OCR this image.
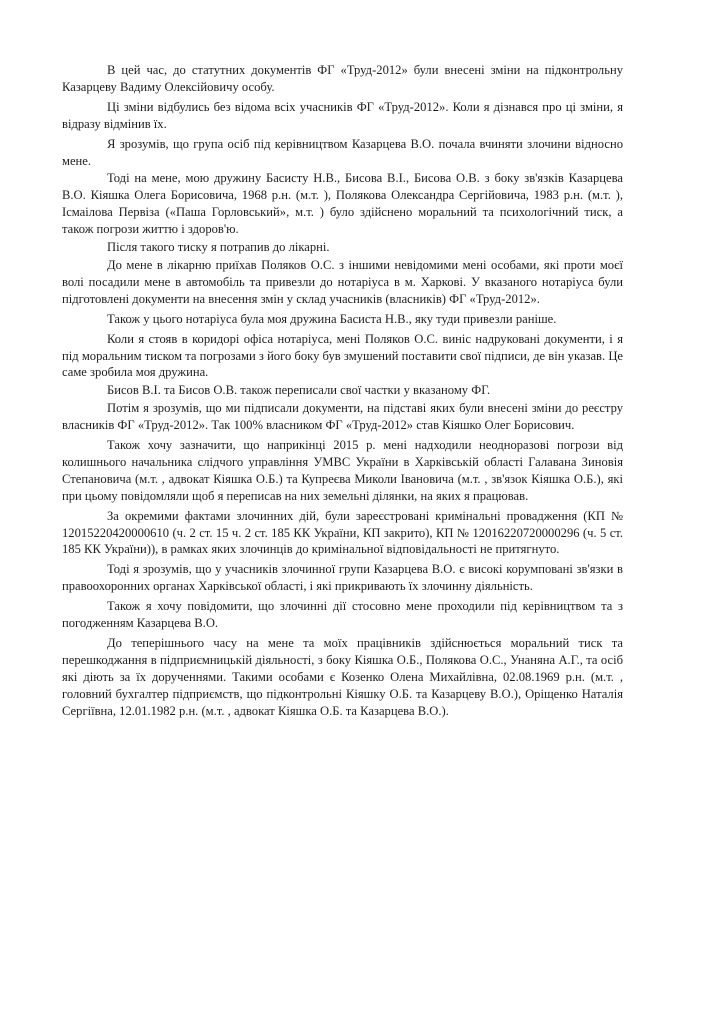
В цей час, до статутних документів ФГ «Труд-2012» були внесені зміни на підконтрольну Казарцеву Вадиму Олексійовичу особу.

Ці зміни відбулись без відома всіх учасників ФГ «Труд-2012». Коли я дізнався про ці зміни, я відразу відмінив їх.

Я зрозумів, що група осіб під керівництвом Казарцева В.О. почала вчиняти злочини відносно мене.

Тоді на мене, мою дружину Басисту Н.В., Бисова В.І., Бисова О.В. з боку зв'язків Казарцева В.О. Кіяшка Олега Борисовича, 1968 р.н. (м.т. ), Полякова Олександра Сергійовича, 1983 р.н. (м.т. ), Ісмаілова Первіза («Паша Горловський», м.т. ) було здійснено моральний та психологічний тиск, а також погрози життю і здоров'ю.

Після такого тиску я потрапив до лікарні.

До мене в лікарню приїхав Поляков О.С. з іншими невідомими мені особами, які проти моєї волі посадили мене в автомобіль та привезли до нотаріуса в м. Харкові. У вказаного нотаріуса були підготовлені документи на внесення змін у склад учасників (власників) ФГ «Труд-2012».

Також у цього нотаріуса була моя дружина Басиста Н.В., яку туди привезли раніше.

Коли я стояв в коридорі офіса нотаріуса, мені Поляков О.С. виніс надруковані документи, і я під моральним тиском та погрозами з його боку був змушений поставити свої підписи, де він указав. Це саме зробила моя дружина.

Бисов В.І. та Бисов О.В. також переписали свої частки у вказаному ФГ.

Потім я зрозумів, що ми підписали документи, на підставі яких були внесені зміни до реєстру власників ФГ «Труд-2012». Так 100% власником ФГ «Труд-2012» став Кіяшко Олег Борисович.

Також хочу зазначити, що наприкінці 2015 р. мені надходили неодноразові погрози від колишнього начальника слідчого управління УМВС України в Харківській області Галавана Зиновія Степановича (м.т. , адвокат Кіяшка О.Б.) та Купреєва Миколи Івановича (м.т. , зв'язок Кіяшка О.Б.), які при цьому повідомляли щоб я переписав на них земельні ділянки, на яких я працював.

За окремими фактами злочинних дій, були зареєстровані кримінальні провадження (КП № 12015220420000610 (ч. 2 ст. 15 ч. 2 ст. 185 КК України, КП закрито), КП № 12016220720000296 (ч. 5 ст. 185 КК України)), в рамках яких злочинців до кримінальної відповідальності не притягнуто.

Тоді я зрозумів, що у учасників злочинної групи Казарцева В.О. є високі корумповані зв'язки в правоохоронних органах Харківської області, і які прикривають їх злочинну діяльність.

Також я хочу повідомити, що злочинні дії стосовно мене проходили під керівництвом та з погодженням Казарцева В.О.

До теперішнього часу на мене та моїх працівників здійснюється моральний тиск та перешкоджання в підприємницькій діяльності, з боку Кіяшка О.Б., Полякова О.С., Унаняна А.Г., та осіб які діють за їх дорученнями. Такими особами є Козенко Олена Михайлівна, 02.08.1969 р.н. (м.т. , головний бухгалтер підприємств, що підконтрольні Кіяшку О.Б. та Казарцеву В.О.), Оріщенко Наталія Сергіївна, 12.01.1982 р.н. (м.т. , адвокат Кіяшка О.Б. та Казарцева В.О.).
